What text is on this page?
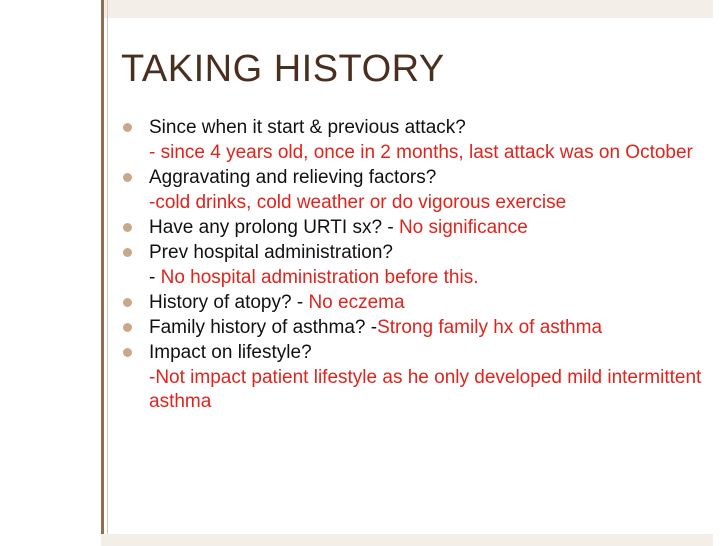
TAKING HISTORY
Since when it start & previous attack?
- since 4 years old, once in 2 months, last attack was on October
Aggravating and relieving factors?
-cold drinks, cold weather or do vigorous exercise
Have any prolong URTI sx? - No significance
Prev hospital administration?
- No hospital administration before this.
History of atopy? - No eczema
Family history of asthma? -Strong family hx of asthma
Impact on lifestyle?
-Not impact patient lifestyle as he only developed mild intermittent asthma
